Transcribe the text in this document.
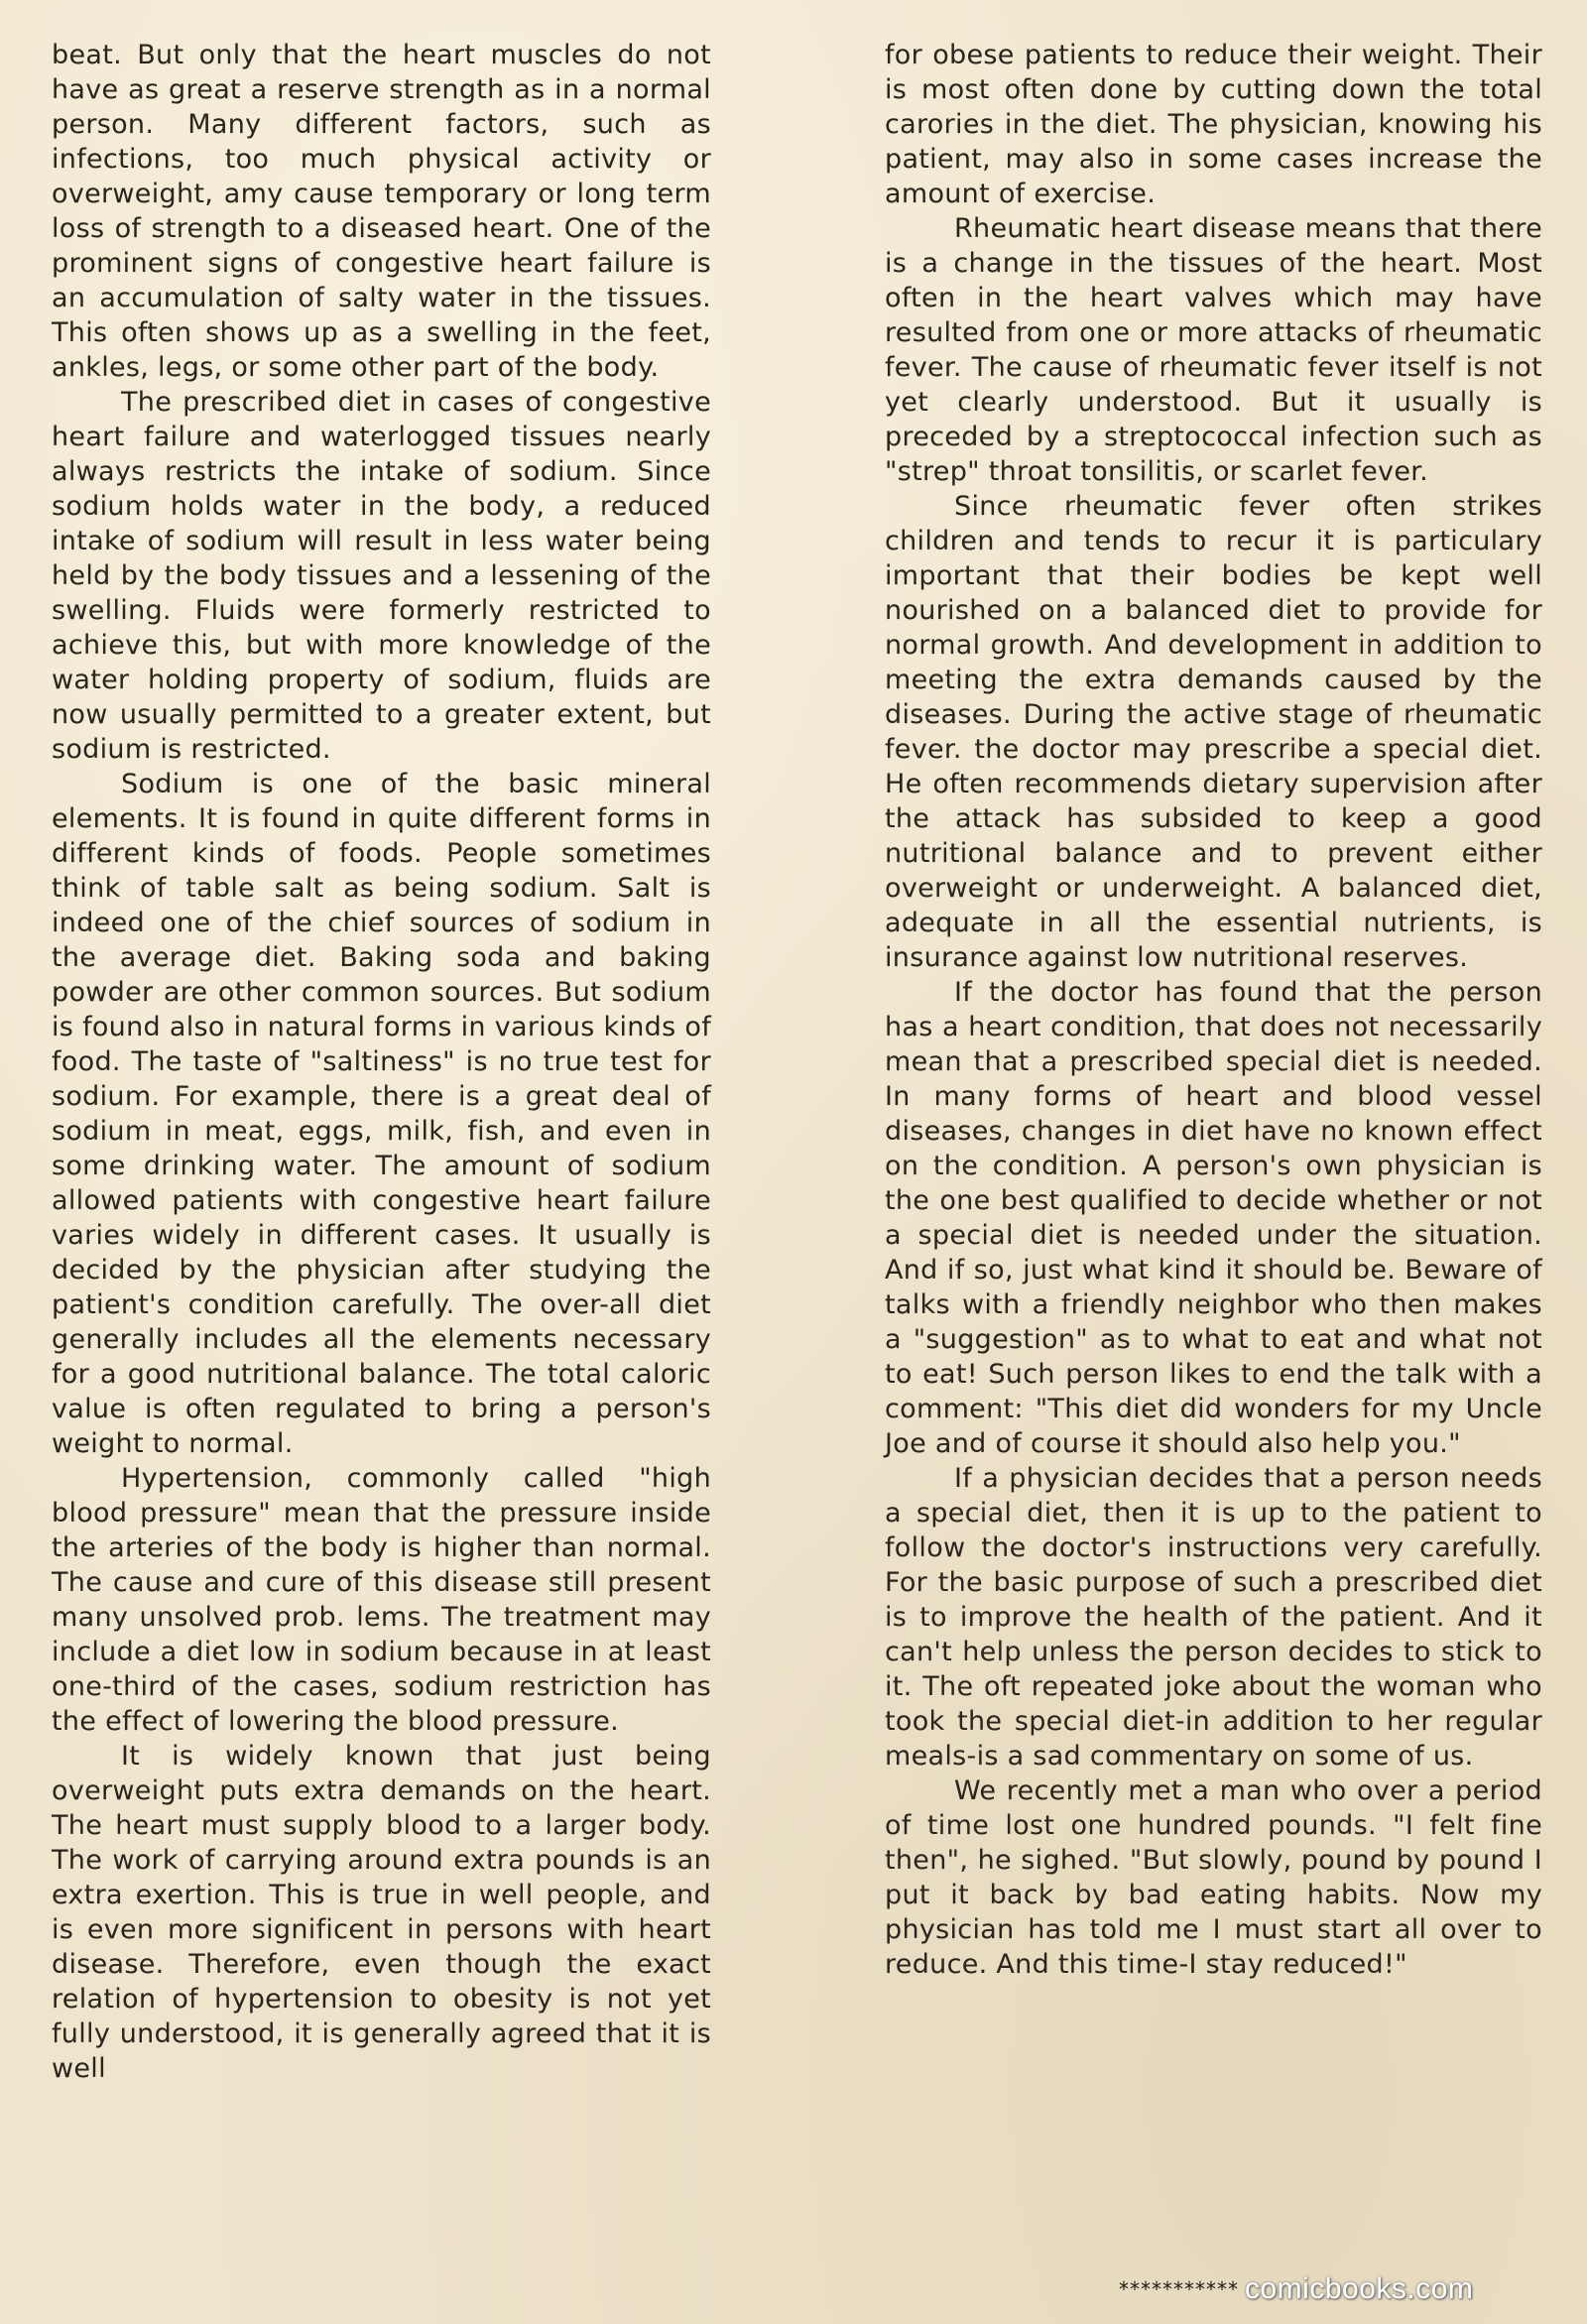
beat. But only that the heart muscles do not have as great a reserve strength as in a normal person. Many different factors, such as infections, too much physical activity or overweight, amy cause temporary or long term loss of strength to a diseased heart. One of the prominent signs of congestive heart failure is an accumulation of salty water in the tissues. This often shows up as a swelling in the feet, ankles, legs, or some other part of the body.

The prescribed diet in cases of congestive heart failure and waterlogged tissues nearly always restricts the intake of sodium. Since sodium holds water in the body, a reduced intake of sodium will result in less water being held by the body tissues and a lessening of the swelling. Fluids were formerly restricted to achieve this, but with more knowledge of the water holding property of sodium, fluids are now usually permitted to a greater extent, but sodium is restricted.

Sodium is one of the basic mineral elements. It is found in quite different forms in different kinds of foods. People sometimes think of table salt as being sodium. Salt is indeed one of the chief sources of sodium in the average diet. Baking soda and baking powder are other common sources. But sodium is found also in natural forms in various kinds of food. The taste of "saltiness" is no true test for sodium. For example, there is a great deal of sodium in meat, eggs, milk, fish, and even in some drinking water. The amount of sodium allowed patients with congestive heart failure varies widely in different cases. It usually is decided by the physician after studying the patient's condition carefully. The over-all diet generally includes all the elements necessary for a good nutritional balance. The total caloric value is often regulated to bring a person's weight to normal.

Hypertension, commonly called "high blood pressure" mean that the pressure inside the arteries of the body is higher than normal. The cause and cure of this disease still present many unsolved prob. lems. The treatment may include a diet low in sodium because in at least one-third of the cases, sodium restriction has the effect of lowering the blood pressure.

It is widely known that just being overweight puts extra demands on the heart. The heart must supply blood to a larger body. The work of carrying around extra pounds is an extra exertion. This is true in well people, and is even more significent in persons with heart disease. Therefore, even though the exact relation of hypertension to obesity is not yet fully understood, it is generally agreed that it is well

for obese patients to reduce their weight. Their is most often done by cutting down the total carories in the diet. The physician, knowing his patient, may also in some cases increase the amount of exercise.

Rheumatic heart disease means that there is a change in the tissues of the heart. Most often in the heart valves which may have resulted from one or more attacks of rheumatic fever. The cause of rheumatic fever itself is not yet clearly understood. But it usually is preceded by a streptococcal infection such as "strep" throat tonsilitis, or scarlet fever.

Since rheumatic fever often strikes children and tends to recur it is particulary important that their bodies be kept well nourished on a balanced diet to provide for normal growth. And development in addition to meeting the extra demands caused by the diseases. During the active stage of rheumatic fever. the doctor may prescribe a special diet. He often recommends dietary supervision after the attack has subsided to keep a good nutritional balance and to prevent either overweight or underweight. A balanced diet, adequate in all the essential nutrients, is insurance against low nutritional reserves.

If the doctor has found that the person has a heart condition, that does not necessarily mean that a prescribed special diet is needed. In many forms of heart and blood vessel diseases, changes in diet have no known effect on the condition. A person's own physician is the one best qualified to decide whether or not a special diet is needed under the situation. And if so, just what kind it should be. Beware of talks with a friendly neighbor who then makes a "suggestion" as to what to eat and what not to eat! Such person likes to end the talk with a comment: "This diet did wonders for my Uncle Joe and of course it should also help you."

If a physician decides that a person needs a special diet, then it is up to the patient to follow the doctor's instructions very carefully. For the basic purpose of such a prescribed diet is to improve the health of the patient. And it can't help unless the person decides to stick to it. The oft repeated joke about the woman who took the special diet-in addition to her regular meals-is a sad commentary on some of us.

We recently met a man who over a period of time lost one hundred pounds. "I felt fine then", he sighed. "But slowly, pound by pound I put it back by bad eating habits. Now my physician has told me I must start all over to reduce. And this time-I stay reduced!"

*********** comicbooks.com
